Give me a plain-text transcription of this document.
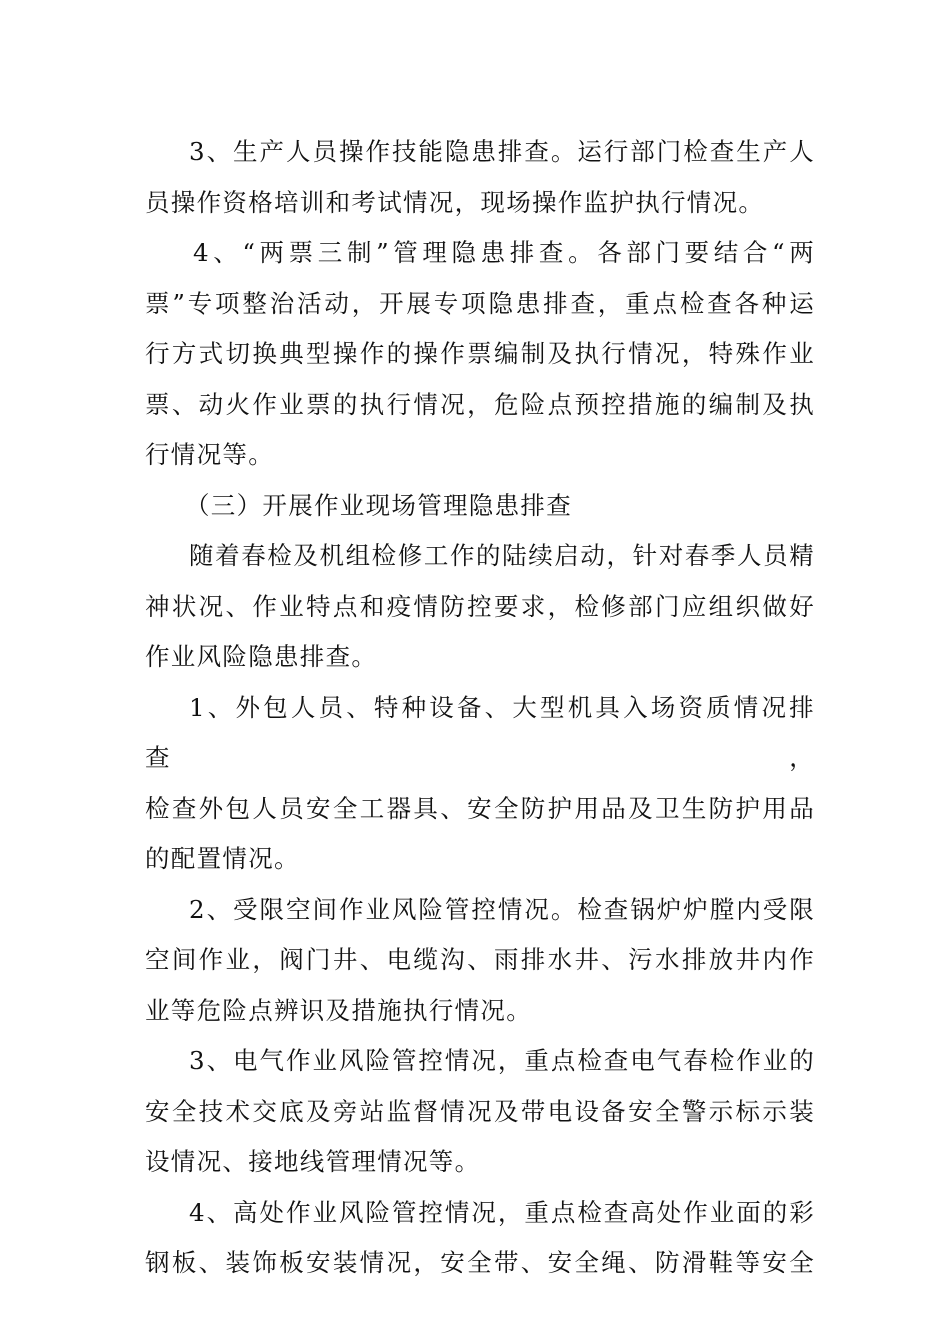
3、生产人员操作技能隐患排查。运行部门检查生产人
员操作资格培训和考试情况，现场操作监护执行情况。
4、“两票三制”管理隐患排查。各部门要结合“两
票”专项整治活动，开展专项隐患排查，重点检查各种运
行方式切换典型操作的操作票编制及执行情况，特殊作业
票、动火作业票的执行情况，危险点预控措施的编制及执
行情况等。
（三）开展作业现场管理隐患排查
随着春检及机组检修工作的陆续启动，针对春季人员精
神状况、作业特点和疫情防控要求，检修部门应组织做好
作业风险隐患排查。
1、外包人员、特种设备、大型机具入场资质情况排查，
检查外包人员安全工器具、安全防护用品及卫生防护用品
的配置情况。
2、受限空间作业风险管控情况。检查锅炉炉膛内受限
空间作业，阀门井、电缆沟、雨排水井、污水排放井内作
业等危险点辨识及措施执行情况。
3、电气作业风险管控情况，重点检查电气春检作业的
安全技术交底及旁站监督情况及带电设备安全警示标示装
设情况、接地线管理情况等。
4、高处作业风险管控情况，重点检查高处作业面的彩
钢板、装饰板安装情况，安全带、安全绳、防滑鞋等安全
